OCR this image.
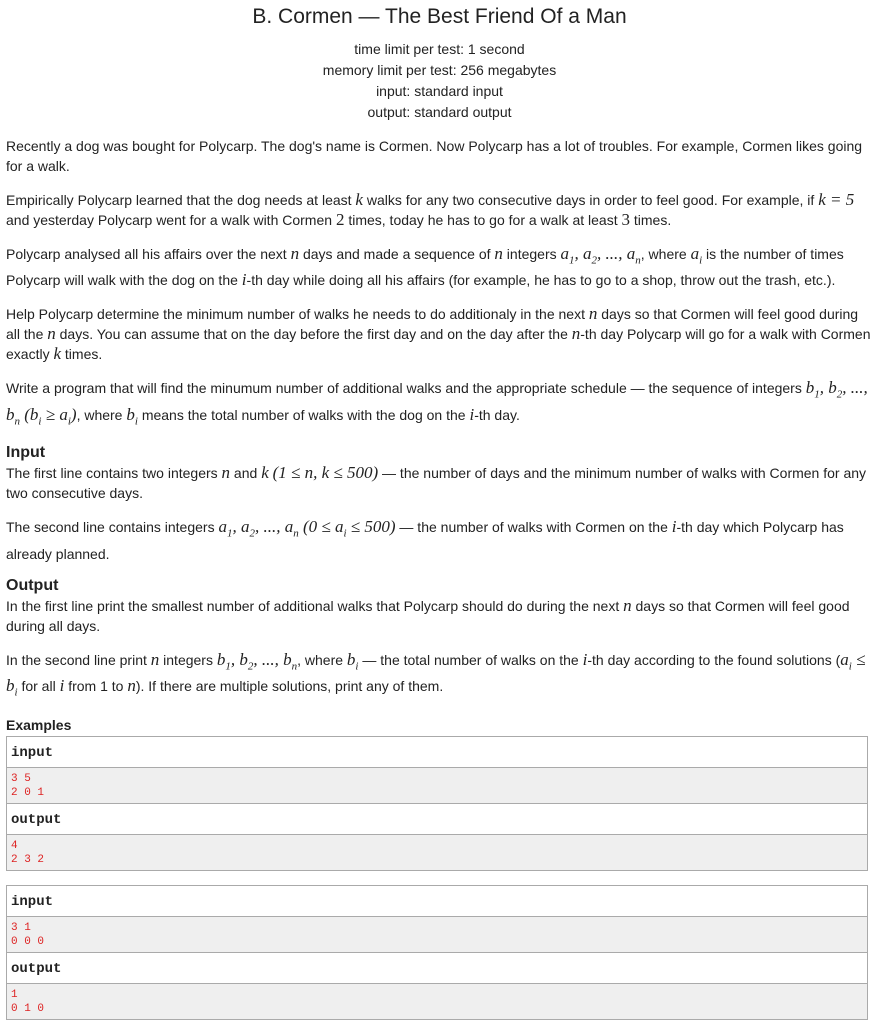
B. Cormen — The Best Friend Of a Man
time limit per test: 1 second
memory limit per test: 256 megabytes
input: standard input
output: standard output

Recently a dog was bought for Polycarp. The dog's name is Cormen. Now Polycarp has a lot of troubles. For example, Cormen likes going for a walk.

Empirically Polycarp learned that the dog needs at least k walks for any two consecutive days in order to feel good. For example, if k = 5 and yesterday Polycarp went for a walk with Cormen 2 times, today he has to go for a walk at least 3 times.

Polycarp analysed all his affairs over the next n days and made a sequence of n integers $a_1$, $a_2$, ..., $a_n$, where $a_i$ is the number of times Polycarp will walk with the dog on the i-th day while doing all his affairs (for example, he has to go to a shop, throw out the trash, etc.).

Help Polycarp determine the minimum number of walks he needs to do additionaly in the next n days so that Cormen will feel good during all the n days. You can assume that on the day before the first day and on the day after the n-th day Polycarp will go for a walk with Cormen exactly k times.

Write a program that will find the minumum number of additional walks and the appropriate schedule — the sequence of integers $b_1$, $b_2$, ..., $b_n$ $(b_i \ge a_i)$, where $b_i$ means the total number of walks with the dog on the i-th day.

Input

The first line contains two integers n and k (1 ≤ n, k ≤ 500) — the number of days and the minimum number of walks with Cormen for any two consecutive days.

The second line contains integers $a_1$, $a_2$, ..., $a_n$ $(0 \le a_i \le 500)$ — the number of walks with Cormen on the i-th day which Polycarp has already planned.

Output

In the first line print the smallest number of additional walks that Polycarp should do during the next n days so that Cormen will feel good during all days.

In the second line print n integers $b_1$, $b_2$, ..., $b_n$, where $b_i$ — the total number of walks on the i-th day according to the found solutions ($a_i \le b_i$ for all i from 1 to n). If there are multiple solutions, print any of them.

Examples
input
3 5
2 0 1
output
4
2 3 2
input
3 1
0 0 0
output
1
0 1 0
